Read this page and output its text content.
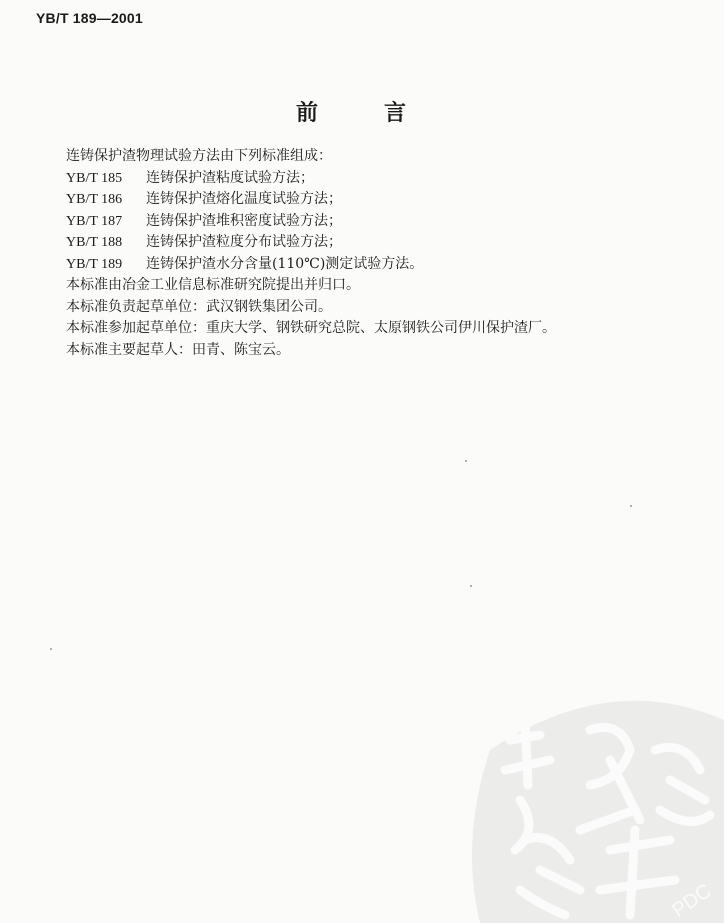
YB/T 189—2001
前言
连铸保护渣物理试验方法由下列标准组成：
YB/T 185	连铸保护渣粘度试验方法；
YB/T 186	连铸保护渣熔化温度试验方法；
YB/T 187	连铸保护渣堆积密度试验方法；
YB/T 188	连铸保护渣粒度分布试验方法；
YB/T 189	连铸保护渣水分含量(110℃)测定试验方法。
本标准由冶金工业信息标准研究院提出并归口。
本标准负责起草单位：武汉钢铁集团公司。
本标准参加起草单位：重庆大学、钢铁研究总院、太原钢铁公司伊川保护渣厂。
本标准主要起草人：田青、陈宝云。
PDC
